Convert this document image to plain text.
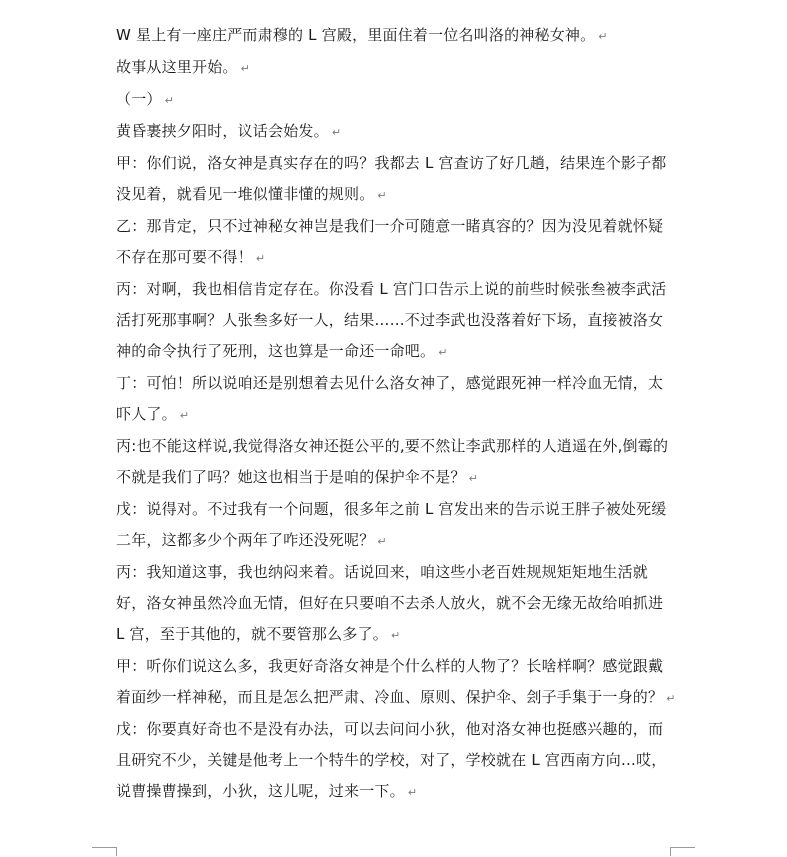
W 星上有一座庄严而肃穆的 L 宫殿，里面住着一位名叫洛的神秘女神。 ↵

故事从这里开始。 ↵

（一） ↵

黄昏裹挟夕阳时，议话会始发。 ↵

甲：你们说，洛女神是真实存在的吗？我都去 L 宫查访了好几趟，结果连个影子都没见着，就看见一堆似懂非懂的规则。 ↵

乙：那肯定，只不过神秘女神岂是我们一介可随意一睹真容的？因为没见着就怀疑不存在那可要不得！ ↵

丙：对啊，我也相信肯定存在。你没看 L 宫门口告示上说的前些时候张叁被李武活活打死那事啊？人张叁多好一人，结果……不过李武也没落着好下场，直接被洛女神的命令执行了死刑，这也算是一命还一命吧。 ↵

丁：可怕！所以说咱还是别想着去见什么洛女神了，感觉跟死神一样冷血无情，太吓人了。 ↵

丙:也不能这样说,我觉得洛女神还挺公平的,要不然让李武那样的人逍遥在外,倒霉的不就是我们了吗？她这也相当于是咱的保护伞不是？ ↵

戊：说得对。不过我有一个问题，很多年之前 L 宫发出来的告示说王胖子被处死缓二年，这都多少个两年了咋还没死呢？ ↵

丙：我知道这事，我也纳闷来着。话说回来，咱这些小老百姓规规矩矩地生活就好，洛女神虽然冷血无情，但好在只要咱不去杀人放火，就不会无缘无故给咱抓进 L 宫，至于其他的，就不要管那么多了。 ↵

甲：听你们说这么多，我更好奇洛女神是个什么样的人物了？长啥样啊？感觉跟戴着面纱一样神秘，而且是怎么把严肃、冷血、原则、保护伞、刽子手集于一身的？ ↵

戊：你要真好奇也不是没有办法，可以去问问小狄，他对洛女神也挺感兴趣的，而且研究不少，关键是他考上一个特牛的学校，对了，学校就在 L 宫西南方向…哎，说曹操曹操到，小狄，这儿呢，过来一下。 ↵
